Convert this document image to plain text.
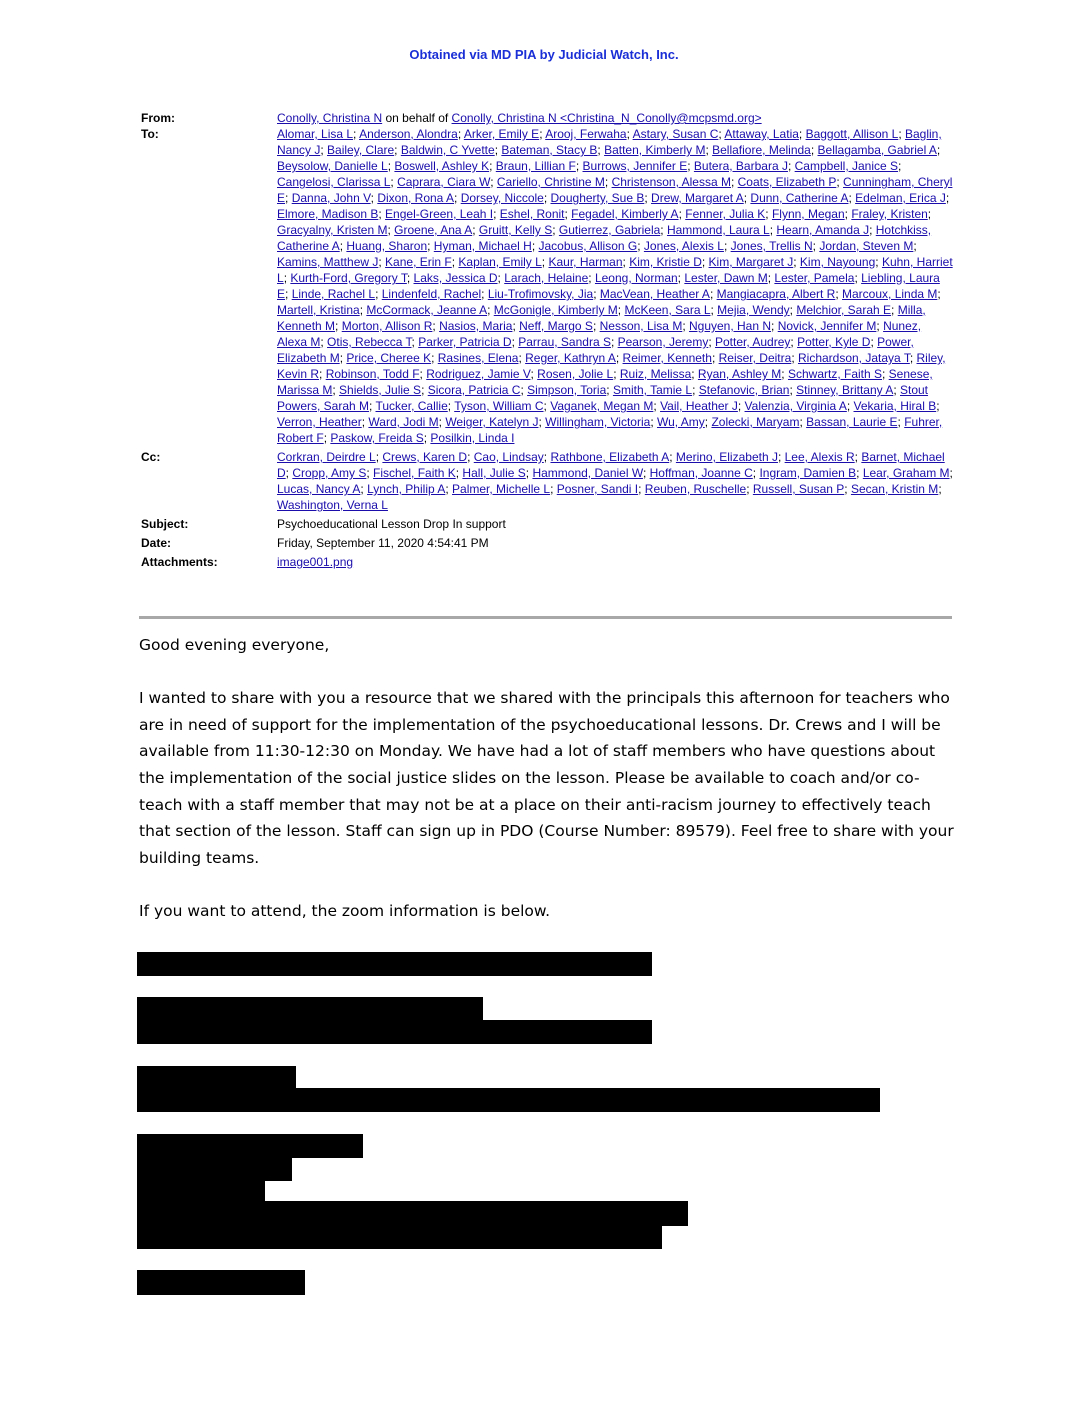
Obtained via MD PIA by Judicial Watch, Inc.
From:	Conolly, Christina N on behalf of Conolly, Christina N <Christina_N_Conolly@mcpsmd.org>
To:	Alomar, Lisa L; Anderson, Alondra; Arker, Emily E; Arooj, Ferwaha; Astary, Susan C; Attaway, Latia; Baggott, Allison L; Baglin, Nancy J; Bailey, Clare; Baldwin, C Yvette; Bateman, Stacy B; Batten, Kimberly M; Bellafiore, Melinda; Bellagamba, Gabriel A; Beysolow, Danielle L; Boswell, Ashley K; Braun, Lillian F; Burrows, Jennifer E; Butera, Barbara J; Campbell, Janice S; Cangelosi, Clarissa L; Caprara, Ciara W; Cariello, Christine M; Christenson, Alessa M; Coats, Elizabeth P; Cunningham, Cheryl E; Danna, John V; Dixon, Rona A; Dorsey, Niccole; Dougherty, Sue B; Drew, Margaret A; Dunn, Catherine A; Edelman, Erica J; Elmore, Madison B; Engel-Green, Leah I; Eshel, Ronit; Fegadel, Kimberly A; Fenner, Julia K; Flynn, Megan; Fraley, Kristen; Gracyalny, Kristen M; Groene, Ana A; Gruitt, Kelly S; Gutierrez, Gabriela; Hammond, Laura L; Hearn, Amanda J; Hotchkiss, Catherine A; Huang, Sharon; Hyman, Michael H; Jacobus, Allison G; Jones, Alexis L; Jones, Trellis N; Jordan, Steven M; Kamins, Matthew J; Kane, Erin F; Kaplan, Emily L; Kaur, Harman; Kim, Kristie D; Kim, Margaret J; Kim, Nayoung; Kuhn, Harriet L; Kurth-Ford, Gregory T; Laks, Jessica D; Larach, Helaine; Leong, Norman; Lester, Dawn M; Lester, Pamela; Liebling, Laura E; Linde, Rachel L; Lindenfeld, Rachel; Liu-Trofimovsky, Jia; MacVean, Heather A; Mangiacapra, Albert R; Marcoux, Linda M; Martell, Kristina; McCormack, Jeanne A; McGonigle, Kimberly M; McKeen, Sara L; Mejia, Wendy; Melchior, Sarah E; Milla, Kenneth M; Morton, Allison R; Nasios, Maria; Neff, Margo S; Nesson, Lisa M; Nguyen, Han N; Novick, Jennifer M; Nunez, Alexa M; Otis, Rebecca T; Parker, Patricia D; Parrau, Sandra S; Pearson, Jeremy; Potter, Audrey; Potter, Kyle D; Power, Elizabeth M; Price, Cheree K; Rasines, Elena; Reger, Kathryn A; Reimer, Kenneth; Reiser, Deitra; Richardson, Jataya T; Riley, Kevin R; Robinson, Todd F; Rodriguez, Jamie V; Rosen, Jolie L; Ruiz, Melissa; Ryan, Ashley M; Schwartz, Faith S; Senese, Marissa M; Shields, Julie S; Sicora, Patricia C; Simpson, Toria; Smith, Tamie L; Stefanovic, Brian; Stinney, Brittany A; Stout Powers, Sarah M; Tucker, Callie; Tyson, William C; Vaganek, Megan M; Vail, Heather J; Valenzia, Virginia A; Vekaria, Hiral B; Verron, Heather; Ward, Jodi M; Weiger, Katelyn J; Willingham, Victoria; Wu, Amy; Zolecki, Maryam; Bassan, Laurie E; Fuhrer, Robert F; Paskow, Freida S; Posilkin, Linda I
Cc:	Corkran, Deirdre L; Crews, Karen D; Cao, Lindsay; Rathbone, Elizabeth A; Merino, Elizabeth J; Lee, Alexis R; Barnet, Michael D; Cropp, Amy S; Fischel, Faith K; Hall, Julie S; Hammond, Daniel W; Hoffman, Joanne C; Ingram, Damien B; Lear, Graham M; Lucas, Nancy A; Lynch, Philip A; Palmer, Michelle L; Posner, Sandi I; Reuben, Ruschelle; Russell, Susan P; Secan, Kristin M; Washington, Verna L
Subject:	Psychoeducational Lesson Drop In support
Date:	Friday, September 11, 2020 4:54:41 PM
Attachments:	image001.png

Good evening everyone,

I wanted to share with you a resource that we shared with the principals this afternoon for teachers who are in need of support for the implementation of the psychoeducational lessons. Dr. Crews and I will be available from 11:30-12:30 on Monday. We have had a lot of staff members who have questions about the implementation of the social justice slides on the lesson. Please be available to coach and/or co-teach with a staff member that may not be at a place on their anti-racism journey to effectively teach that section of the lesson. Staff can sign up in PDO (Course Number: 89579). Feel free to share with your building teams.

If you want to attend, the zoom information is below.
